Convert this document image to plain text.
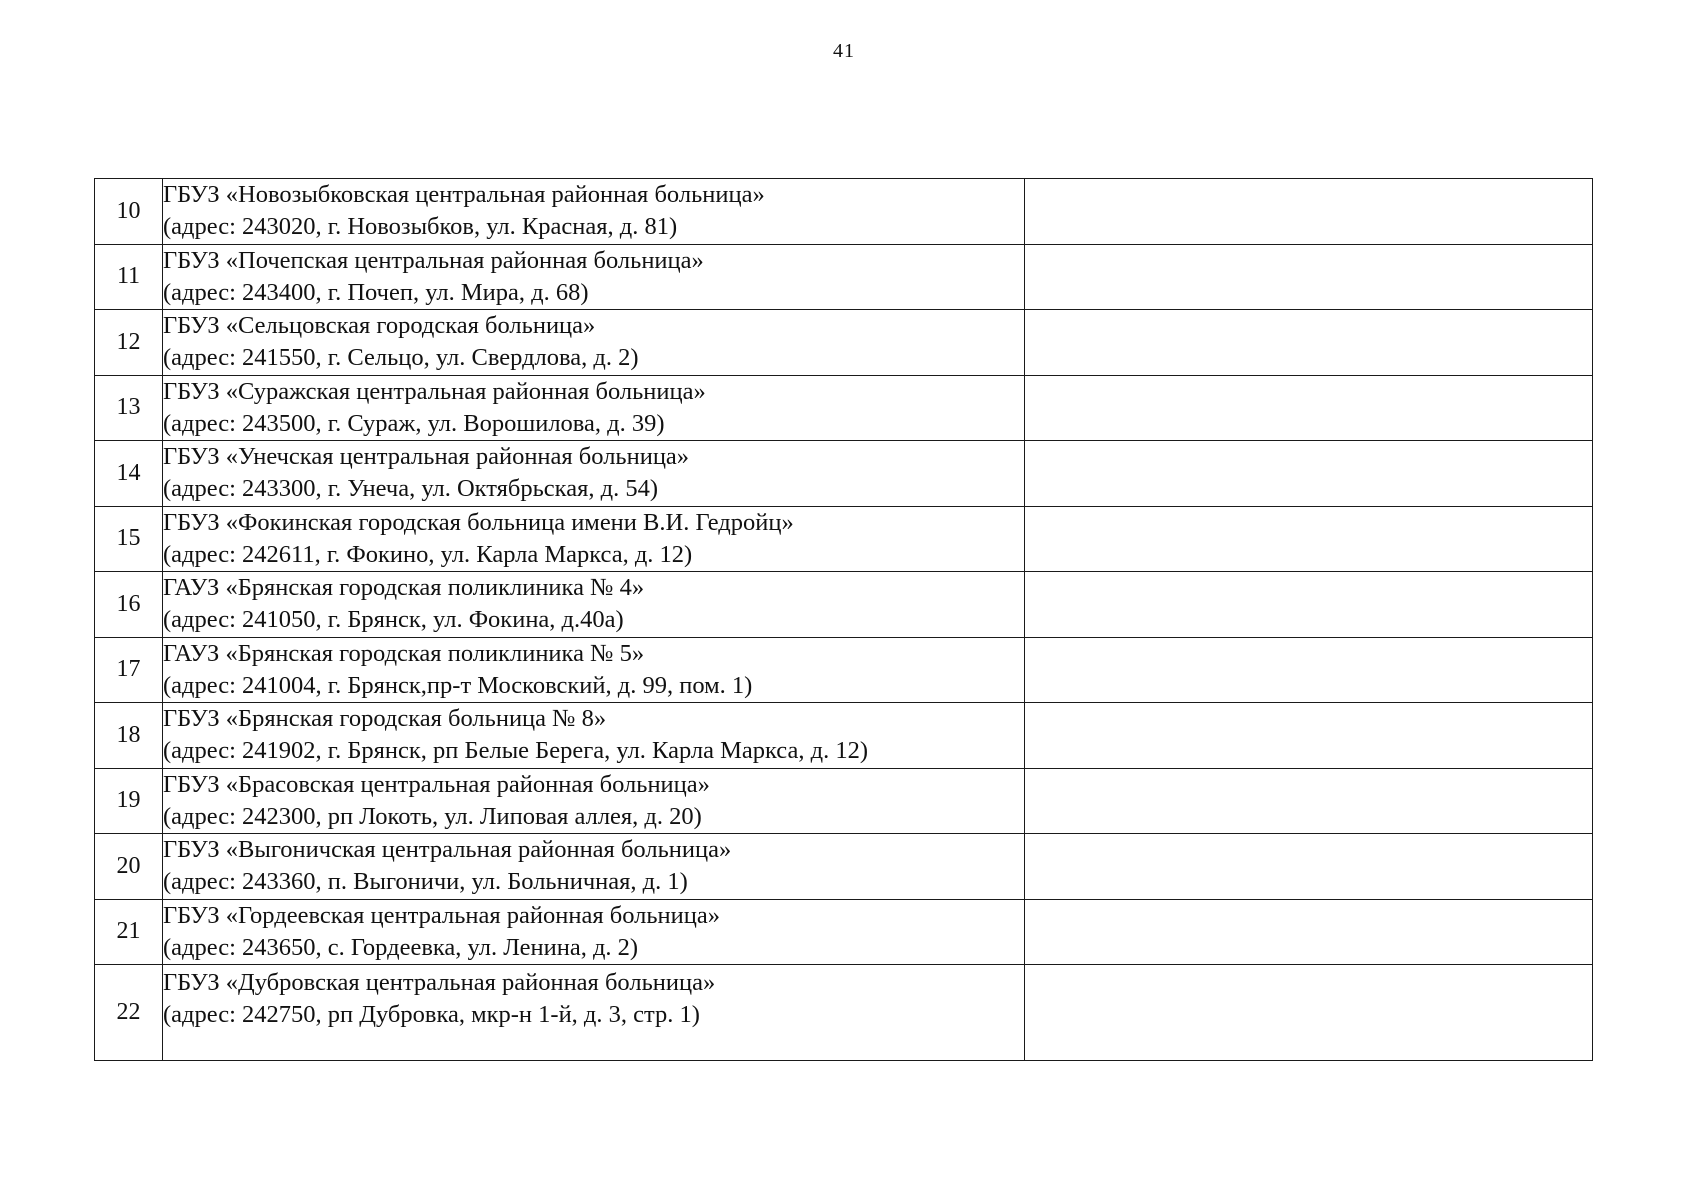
41
10	ГБУЗ «Новозыбковская центральная районная больница»
(адрес: 243020, г. Новозыбков, ул. Красная, д. 81)	

11	ГБУЗ «Почепская центральная районная больница»
(адрес: 243400, г. Почеп, ул. Мира, д. 68)	

12	ГБУЗ «Сельцовская городская больница»
(адрес: 241550, г. Сельцо, ул. Свердлова, д. 2)	

13	ГБУЗ «Суражская центральная районная больница»
(адрес: 243500, г. Сураж, ул. Ворошилова, д. 39)	

14	ГБУЗ «Унечская центральная районная больница»
(адрес: 243300, г. Унеча, ул. Октябрьская, д. 54)	

15	ГБУЗ «Фокинская городская больница имени В.И. Гедройц»
(адрес: 242611, г. Фокино, ул. Карла Маркса, д. 12)	

16	ГАУЗ «Брянская городская поликлиника № 4»
(адрес: 241050, г. Брянск, ул. Фокина, д.40а)	

17	ГАУЗ «Брянская городская поликлиника № 5»
(адрес: 241004, г. Брянск,пр-т Московский, д. 99, пом. 1)	

18	ГБУЗ «Брянская городская больница № 8»
(адрес: 241902, г. Брянск, рп Белые Берега, ул. Карла Маркса, д. 12)	

19	ГБУЗ «Брасовская центральная районная больница»
(адрес: 242300, рп Локоть, ул. Липовая аллея, д. 20)	

20	ГБУЗ «Выгоничская центральная районная больница»
(адрес: 243360, п. Выгоничи, ул. Больничная, д. 1)	

21	ГБУЗ «Гордеевская центральная районная больница»
(адрес: 243650, с. Гордеевка, ул. Ленина, д. 2)	

22	ГБУЗ «Дубровская центральная районная больница»
(адрес: 242750, рп Дубровка, мкр-н 1-й, д. 3, стр. 1)	
